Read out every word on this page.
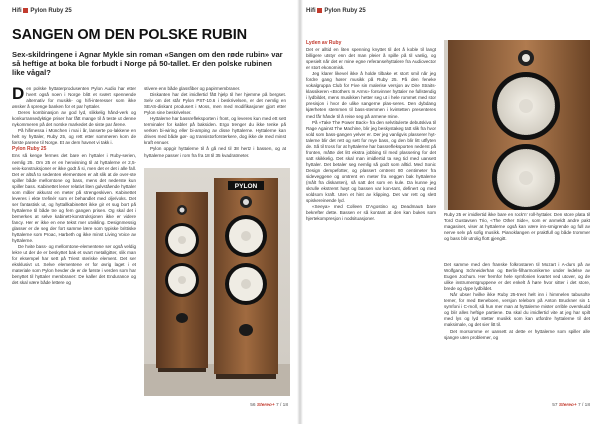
Hifi Pylon Ruby 25
SANGEN OM DEN POLSKE RUBIN
Sex-skildringene i Agnar Mykle sin roman «Sangen om den røde rubin» var så heftige at boka ble forbudt i Norge på 50-tallet. Er den polske rubinen like vågal?

Den polske hyttaterprodusenten Pylon Audio har etter hvert også noen i Norge blitt et svært spennende alternativ for musikk- og hifi-interesser som ikke ønsker å sprenge banken for et par hyttaler.

Deres kombinasjon av god lyd, slikkelig hånd-verk og konkurransedyktige priser har fått mange til å teste ut denne nykommeren på det norske markedet de siste par årene.

På hifimessa i München i mai i år, lanserte po-lakkene en helt ny hyttaler, Ruby 25, og rett etter sommeren kom de første parene til Norge. Et av dem havnet vi takk i.

Pylon Ruby 25

Ens så kenge fermes det bare en hyttaler i Ruby-serien, nemlig 25. Om 25 er en henvisning til at hyttalerne er 2,5-veis-konstruksjoner er ikke godt å si, men det er det i alle fall. Det er altså to sedenten elementsen er alt slik at de over-ste spiller både mellomtone og bass, mens det nederste kun spiller bass. Kabinettet lener relativt liten gulvstående hyttaler som måler akkurat en meter på strengeskiven. Kabinettet leveres i ekte trefinér som er behandlet med olje/voks. Det ser fantastisk ut, og hyttallkabinettet ikke gir et sug bort på hyttalerne til både tre og fem gangen prisen. Og skal det i bemerkes at selve kabinett-konstruksjonen ikke er videre fancy. Her er ikke en ene tekst mer utvikling. Designmessig glasser er de seg der fort samme lære som typiske brittiske hyttalerne som Proac, Harbeth og ikke minst Living Voice av hyttalerne.

De hvite bass- og mellomtone-elementene ser også veldig lekre ut der de er beskyttet bak et svart metallgitter, slik man for eksempel har sett på Triest steriske element. Det ser eksklusivt ut. Selve elementene er for øvrig laget i et materiale som Pylon hevder de er de første i verden som har benyttet til hyttaler membraner: De kaller det Endurance og det skal være både lettere og

stivere enn både glassfiber og papirmembraner.

Diskanten har det imidlertid fått hjelp til her hjemme på bergset. Selv om det står Pylon PST-10.6 i beskrivelsen, er det nemlig en SEAS-diskant produsert i Moss, men med modifikasjoner gjort etter Pylon sine beskrivelser.

Hyttalerne har bassrefleksporten i front, og leveres kun med ett sett terminaler for kabler på baksiden. Ergo trenger du ikke tenke på verken bi-wiring eller bi-amping av disse hyttalerne. Hyttalerne kan drives med både gør- og transistorforsterkere, dog ikke de med minst kraft ennuer.

Pylon oppgir hyttalerne til å gå ned til 38 hertz i bassen, og at hyttalerne passer i rom fra fra 18 til 35 kvadratmeter.

PYLON
56 Stereo+ 7 / 18
Hifi Pylon Ruby 25

Lyden av Ruby

Det er alltid en liten spenning knyttet til det å koble til langt billigere utstyr enn det man pleier å spille på til vanlig, og spesielt når det er mine egne referansehyttalere fra Audiovector er stort ekonomisk.

Jeg klarer likevel ikke å holde tilbake et stort smil når jeg fordre gang hører musikk på Ruby 25. På den feneke vokalgruppa Club for Five sin malerise versjon av Dire Straits-klassikeren «Brothers In Arms» forsvinner hyttaler ne fullstendig i lydbildet, mens musikken hetter seg ut i hele rommet med stor presisjon i hvor de ulike sangerne plas-seres. Den dybdang kjærheten stemmen til bass-stemmen i kvintetten presenteres med får hånde til å reise seg på armene mine.

På «Take The Power Back» fra den selvtitulerte debutskiva til Rage Against The Machine, blir jeg beskystakeg tatt slik fra hvor vold som bass-gangen yelver er. Der jeg vanligvis plasserer hyt-talerne blir det rett og sett for mye bass, og den blir litt utflyten de. Så til tross for at hyttalerne har bassrefleksporten nederst på fronten, måtte det litt ekstra jobbing til med plassering for det satt skikkelig. Det skal man imidlertid ta seg tid med uansett hyttaler. Det betaler seg nemlig så godt som alltid. Med Sonic Design dempefotter, og plassert omtrent 80 centimeter fra sideveggene og omtrent en meter fra veggen bak hyttalerne (målt fra diskanten), så satt det som en kule. Da kunne jeg skrulle ekstremt høyt og bassen var kon-tant, definert og med voldsom kraft. Uten et hint av klipping. Det var rett og slett spiskereinende lyd.

«Seeya» med Colleen D'Agostino og Deadmau5 bare bekrefter dette. Bassen er så kontant at den kan bukes som hjertekompresjon i nodsituasjoner.

Ruby 25 er imidlertid ikke bare en rock'n' roll-hyttaler. Den store plata til Tord Gustavsen Trio, «The Other Side», som er anmeldt andre pakt magasinet, viser at hyttalerne også kan være inn-smigrende og full av nerve selv på sofig musikk. Pianoklangen er praktfull og både trommer og bass blir utrolig flott gjengitt.

Det samme med den franske folkrostaren til Mozart i A-durs på av Wolfgang Schneiderhan og Berlin-filharmonikerne under ledelse av Eugen Jochum. Her fremfor hele symfonien kvartet ved utover, og de ulike instrumentgruppene er det enkelt å høre hvor sitter i det store, brede og dype lydbildet.

Når ubser hvilke ikke Ruby 25-treet helt inn i himmelen tabusolte temer, for med Beneboen, versjon telebom på Anton Bruckner sin 1 symfoni i C-moll, så hun mer man at hyttalerne mister orrible overskudd og blir alles heftige partiene. Da skal du imidlertid vite at jeg har spilt med lys og lyd stetter musikk som kan utfordre hyttalerne til det maksimale, og det sier litt til.

Det morsomme er uansett at dette er hyttalerne som spiller alle sjangre uten problemer, og

57 Stereo+ 7 / 18
